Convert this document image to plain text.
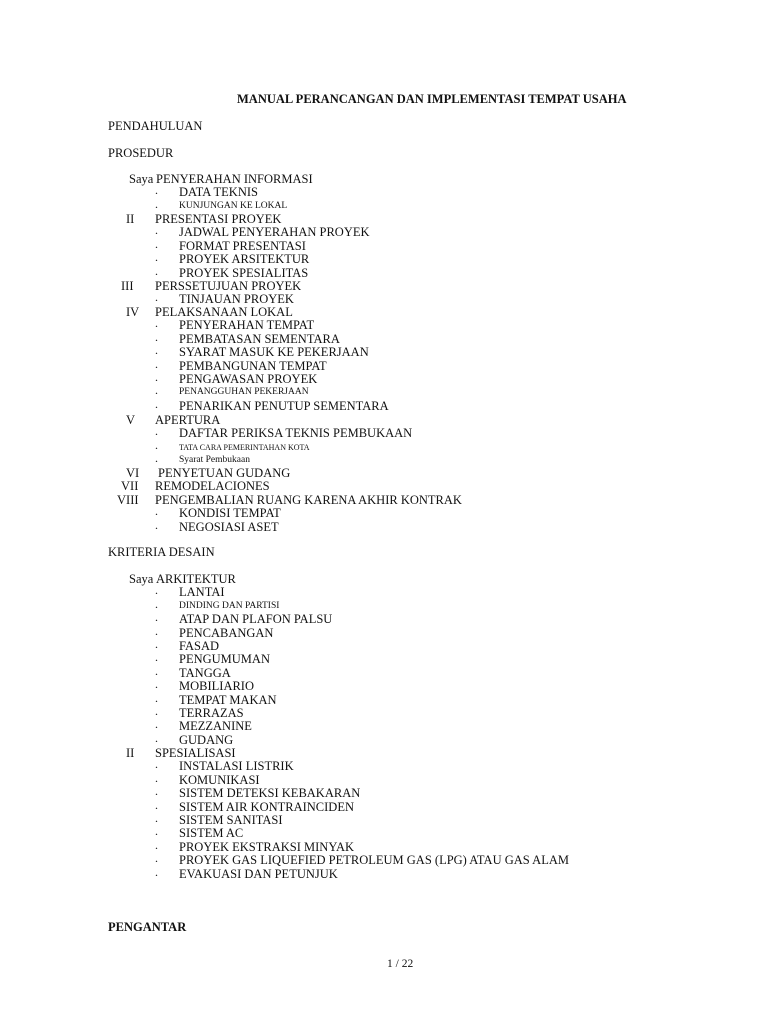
MANUAL PERANCANGAN DAN IMPLEMENTASI TEMPAT USAHA
PENDAHULUAN
PROSEDUR
Saya PENYERAHAN INFORMASI
. DATA TEKNIS
. KUNJUNGAN KE LOKAL
II PRESENTASI PROYEK
. JADWAL PENYERAHAN PROYEK
. FORMAT PRESENTASI
. PROYEK ARSITEKTUR
. PROYEK SPESIALITAS
III PERSSETUJUAN PROYEK
. TINJAUAN PROYEK
IV PELAKSANAAN LOKAL
. PENYERAHAN TEMPAT
. PEMBATASAN SEMENTARA
. SYARAT MASUK KE PEKERJAAN
. PEMBANGUNAN TEMPAT
. PENGAWASAN PROYEK
. PENANGGUHAN PEKERJAAN
. PENARIKAN PENUTUP SEMENTARA
V APERTURA
. DAFTAR PERIKSA TEKNIS PEMBUKAAN
.	TATA CARA PEMERINTAHAN KOTA
. Syarat Pembukaan
VI PENYETUAN GUDANG
VII REMODELACIONES
VIII PENGEMBALIAN RUANG KARENA AKHIR KONTRAK
. KONDISI TEMPAT
. NEGOSIASI ASET
KRITERIA DESAIN
Saya ARKITEKTUR
. LANTAI
. DINDING DAN PARTISI
. ATAP DAN PLAFON PALSU
. PENCABANGAN
. FASAD
. PENGUMUMAN
. TANGGA
. MOBILIARIO
. TEMPAT MAKAN
. TERRAZAS
. MEZZANINE
. GUDANG
II SPESIALISASI
. INSTALASI LISTRIK
. KOMUNIKASI
. SISTEM DETEKSI KEBAKARAN
. SISTEM AIR KONTRAINCIDEN
. SISTEM SANITASI
. SISTEM AC
. PROYEK EKSTRAKSI MINYAK
. PROYEK GAS LIQUEFIED PETROLEUM GAS (LPG) ATAU GAS ALAM
. EVAKUASI DAN PETUNJUK
PENGANTAR
1 / 22
